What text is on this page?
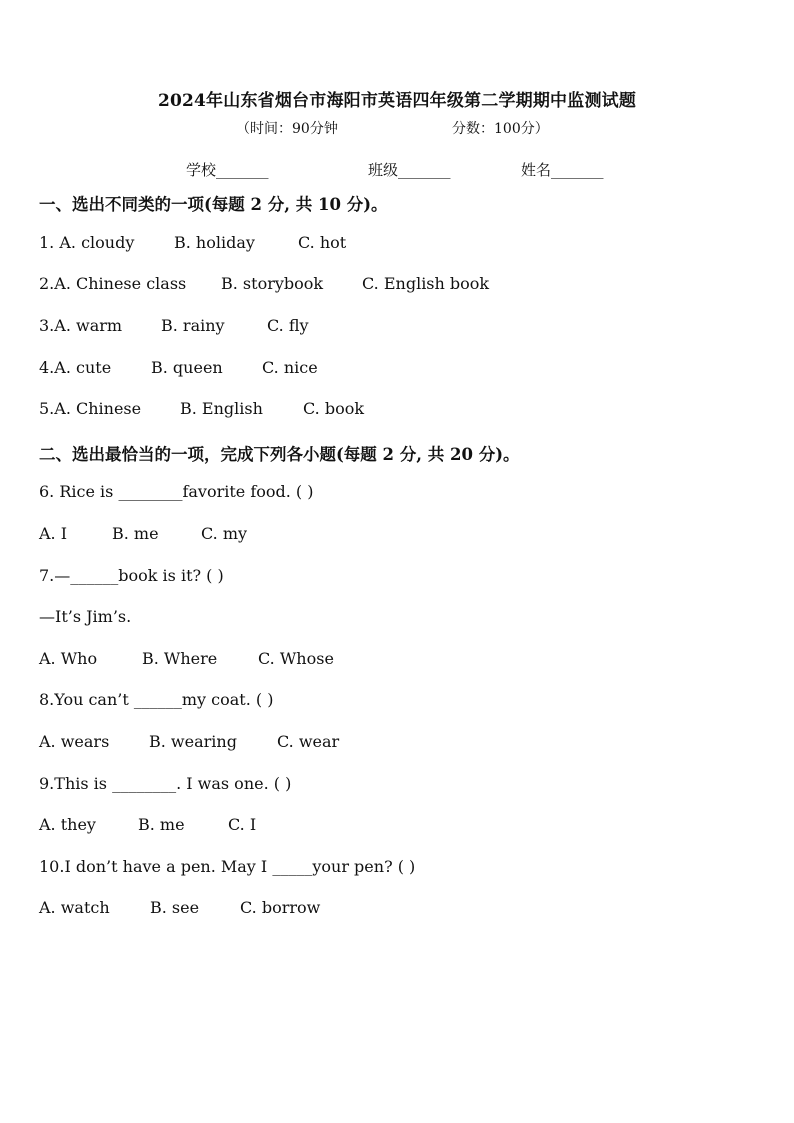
2024年山东省烟台市海阳市英语四年级第二学期期中监测试题
（时间：90分钟	分数：100分）
学校_______	班级_______	姓名_______
一、选出不同类的一项(每题 2 分, 共 10 分)。
1. A. cloudy B. holiday	C. hot
2.A. Chinese class B. storybook C. English book
3.A. warm B. rainy	C. fly
4.A. cute B. queen C. nice
5.A. Chinese B. English	C. book
二、选出最恰当的一项，完成下列各小题(每题 2 分, 共 20 分)。
6. Rice is ________favorite food. ( )
A. I	B. me	C. my
7.—______book is it? ( )
—It’s Jim’s.
A. Who	B. Where	C. Whose
8.You can’t ______my coat. ( )
A. wears B. wearing	C. wear
9.This is ________. I was one. ( )
A. they	B. me	C. I
10.I don’t have a pen. May I _____your pen? ( )
A. watch	B. see	C. borrow
